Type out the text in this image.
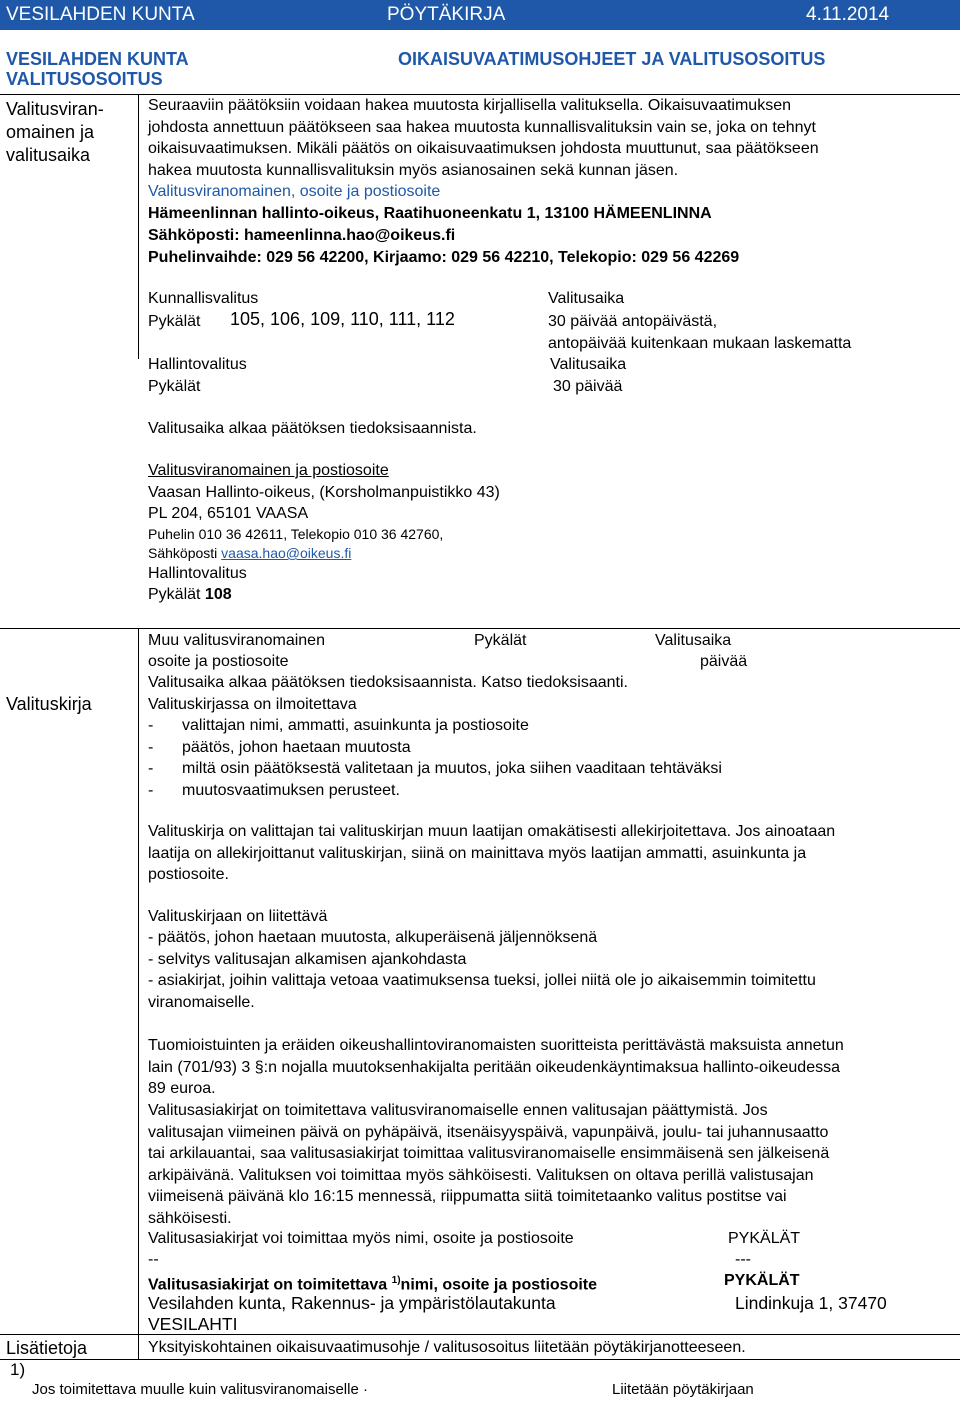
VESILAHDEN KUNTA	PÖYTÄKIRJA	4.11.2014
VESILAHDEN KUNTA
VALITUSOSOITUS
OIKAISUVAATIMUSOHJEET JA VALITUSOSOITUS
Valitusviran-
omainen ja
valitusaika
Seuraaviin päätöksiin voidaan hakea muutosta kirjallisella valituksella. Oikaisuvaatimuksen
johdosta annettuun päätökseen saa hakea muutosta kunnallisvalituksin vain se, joka on tehnyt
oikaisuvaatimuksen. Mikäli päätös on oikaisuvaatimuksen johdosta muuttunut, saa päätökseen
hakea muutosta kunnallisvalituksin myös asianosainen sekä kunnan jäsen.
Valitusviranomainen, osoite ja postiosoite
Hämeenlinnan hallinto-oikeus, Raatihuoneenkatu 1, 13100 HÄMEENLINNA
Sähköposti: hameenlinna.hao@oikeus.fi
Puhelinvaihde: 029 56 42200, Kirjaamo: 029 56 42210, Telekopio: 029 56 42269
Kunnallisvalitus	Valitusaika
Pykälät 105, 106, 109, 110, 111, 112	30 päivää antopäivästä,
antopäivää kuitenkaan mukaan laskematta
Hallintovalitus	Valitusaika
Pykälät	30 päivää
Valitusaika alkaa päätöksen tiedoksisaannista.
Valitusviranomainen ja postiosoite
Vaasan Hallinto-oikeus, (Korsholmanpuistikko 43)
PL 204, 65101 VAASA
Puhelin 010 36 42611, Telekopio 010 36 42760,
Sähköposti vaasa.hao@oikeus.fi
Hallintovalitus
Pykälät 108
Muu valitusviranomainen	Pykälät	Valitusaika
osoite ja postiosoite	päivää
Valitusaika alkaa päätöksen tiedoksisaannista. Katso tiedoksisaanti.
Valituskirja	Valituskirjassa on ilmoitettava
- valittajan nimi, ammatti, asuinkunta ja postiosoite
- päätös, johon haetaan muutosta
- miltä osin päätöksestä valitetaan ja muutos, joka siihen vaaditaan tehtäväksi
- muutosvaatimuksen perusteet.
Valituskirja on valittajan tai valituskirjan muun laatijan omakätisesti allekirjoitettava. Jos ainoataan
laatija on allekirjoittanut valituskirjan, siinä on mainittava myös laatijan ammatti, asuinkunta ja
postiosoite.
Valituskirjaan on liitettävä
- päätös, johon haetaan muutosta, alkuperäisenä jäljennöksenä
- selvitys valitusajan alkamisen ajankohdasta
- asiakirjat, joihin valittaja vetoaa vaatimuksensa tueksi, jollei niitä ole jo aikaisemmin toimitettu
viranomaiselle.
Tuomioistuinten ja eräiden oikeushallintoviranomaisten suoritteista perittävästä maksuista annetun
lain (701/93) 3 §:n nojalla muutoksenhakijalta peritään oikeudenkäyntimaksua hallinto-oikeudessa
89 euroa.
Valitusasiakirjat on toimitettava valitusviranomaiselle ennen valitusajan päättymistä. Jos
valitusajan viimeinen päivä on pyhäpäivä, itsenäisyyspäivä, vapunpäivä, joulu- tai juhannusaatto
tai arkilauantai, saa valitusasiakirjat toimittaa valitusviranomaiselle ensimmäisenä sen jälkeisenä
arkipäivänä. Valituksen voi toimittaa myös sähköisesti. Valituksen on oltava perillä valistusajan
viimeisenä päivänä klo 16:15 mennessä, riippumatta siitä toimitetaanko valitus postitse vai
sähköisesti.
Valitusasiakirjat voi toimittaa myös nimi, osoite ja postiosoite	PYKÄLÄT
--	---
Valitusasiakirjat on toimitettava $^{1)}$nimi, osoite ja postiosoite	PYKÄLÄT
Vesilahden kunta, Rakennus- ja ympäristölautakunta	Lindinkuja 1, 37470
VESILAHTI
Lisätietoja	Yksityiskohtainen oikaisuvaatimusohje / valitusosoitus liitetään pöytäkirjanotteeseen.
1)
Jos toimitettava muulle kuin valitusviranomaiselle ·	Liitetään pöytäkirjaan
